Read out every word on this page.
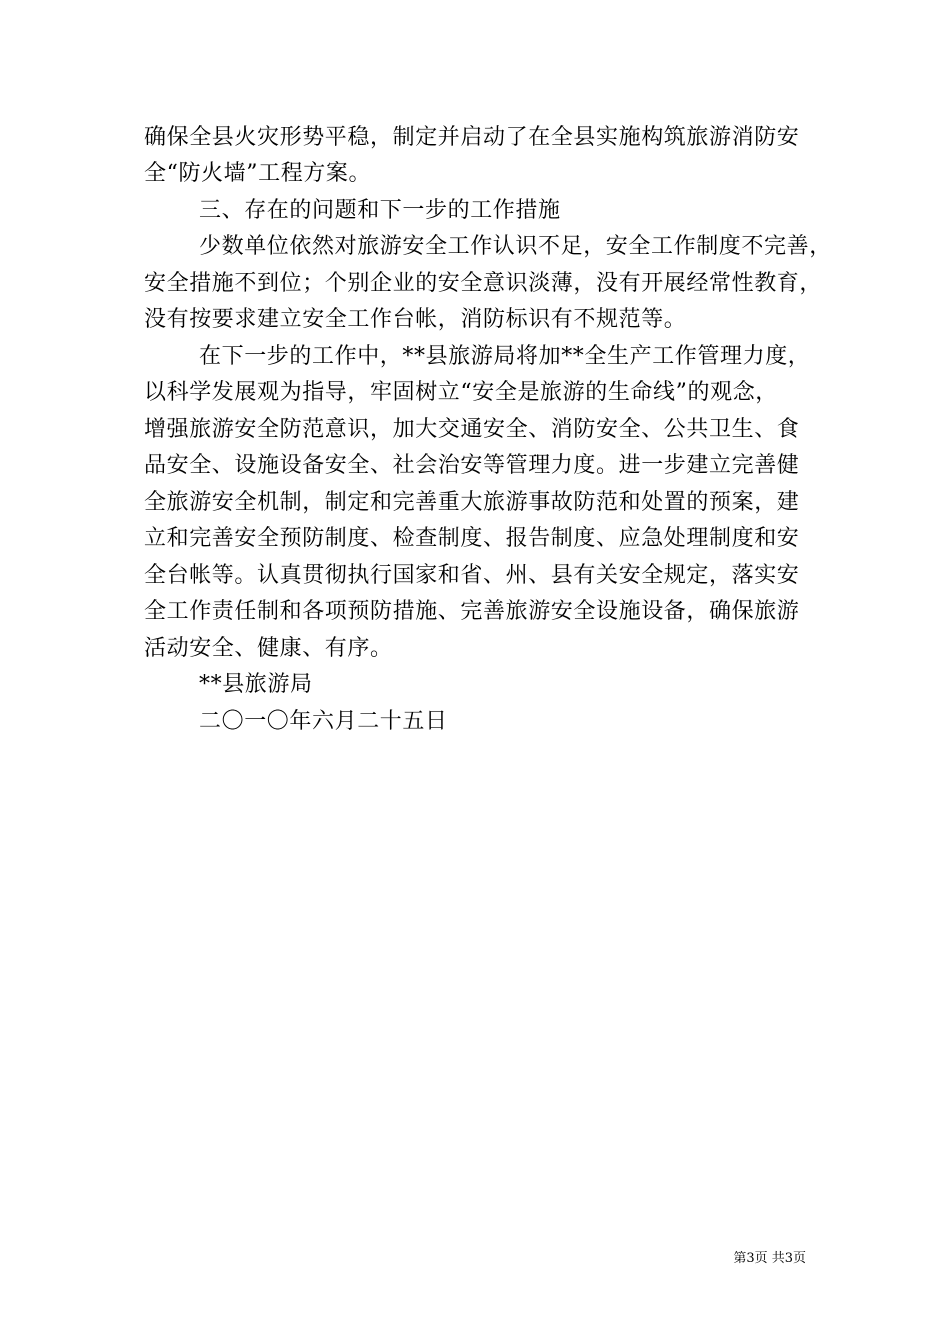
确保全县火灾形势平稳，制定并启动了在全县实施构筑旅游消防安
全“防火墙”工程方案。
三、存在的问题和下一步的工作措施
少数单位依然对旅游安全工作认识不足，安全工作制度不完善，
安全措施不到位；个别企业的安全意识淡薄，没有开展经常性教育，
没有按要求建立安全工作台帐，消防标识有不规范等。
在下一步的工作中，**县旅游局将加**全生产工作管理力度，
以科学发展观为指导，牢固树立“安全是旅游的生命线”的观念，
增强旅游安全防范意识，加大交通安全、消防安全、公共卫生、食
品安全、设施设备安全、社会治安等管理力度。进一步建立完善健
全旅游安全机制，制定和完善重大旅游事故防范和处置的预案，建
立和完善安全预防制度、检查制度、报告制度、应急处理制度和安
全台帐等。认真贯彻执行国家和省、州、县有关安全规定，落实安
全工作责任制和各项预防措施、完善旅游安全设施设备，确保旅游
活动安全、健康、有序。
**县旅游局
二〇一〇年六月二十五日
第3页 共3页
